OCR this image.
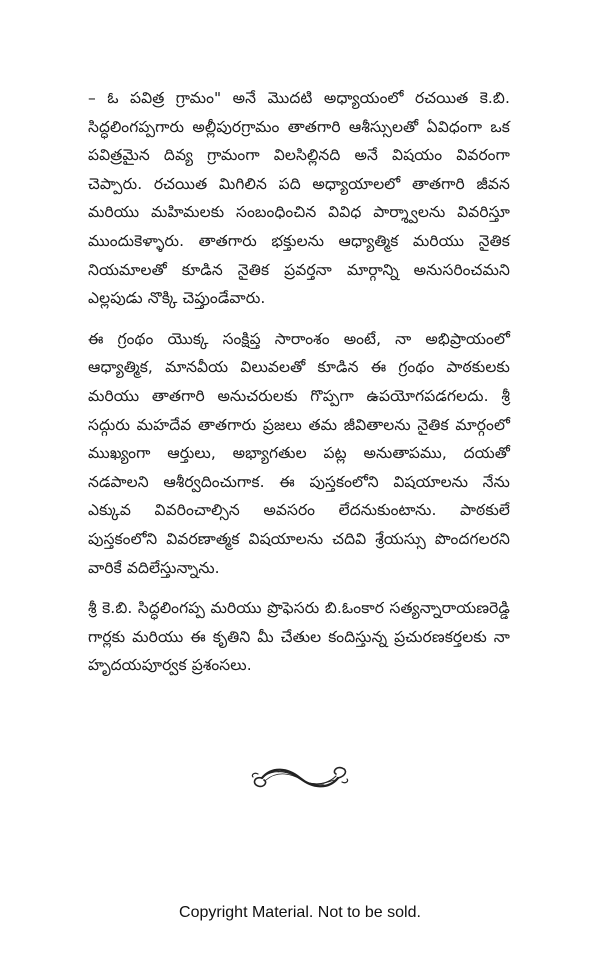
– ఓ పవిత్ర గ్రామం" అనే మొదటి అధ్యాయంలో రచయిత కె.బి. సిద్ధలింగప్పగారు అల్లీపురగ్రామం తాతగారి ఆశీస్సులతో ఏవిధంగా ఒక పవిత్రమైన దివ్య గ్రామంగా విలసిల్లినది అనే విషయం వివరంగా చెప్పారు. రచయిత మిగిలిన పది అధ్యాయాలలో తాతగారి జీవన మరియు మహిమలకు సంబంధించిన వివిధ పార్శ్వాలను వివరిస్తూ ముందుకెళ్ళారు. తాతగారు భక్తులను ఆధ్యాత్మిక మరియు నైతిక నియమాలతో కూడిన నైతిక ప్రవర్తనా మార్గాన్ని అనుసరించమని ఎల్లపుడు నొక్కి చెప్తుండేవారు.

ఈ గ్రంథం యొక్క సంక్షిప్త సారాంశం అంటే, నా అభిప్రాయంలో ఆధ్యాత్మిక, మానవీయ విలువలతో కూడిన ఈ గ్రంథం పాఠకులకు మరియు తాతగారి అనుచరులకు గొప్పగా ఉపయోగపడగలదు. శ్రీ సద్గురు మహదేవ తాతగారు ప్రజలు తమ జీవితాలను నైతిక మార్గంలో ముఖ్యంగా ఆర్తులు, అభ్యాగతుల పట్ల అనుతాపము, దయతో నడపాలని ఆశీర్వదించుగాక. ఈ పుస్తకంలోని విషయాలను నేను ఎక్కువ వివరించాల్సిన అవసరం లేదనుకుంటాను. పాఠకులే పుస్తకంలోని వివరణాత్మక విషయాలను చదివి శ్రేయస్సు పొందగలరని వారికే వదిలేస్తున్నాను.

శ్రీ కె.బి. సిద్ధలింగప్ప మరియు ప్రొఫెసరు బి.ఓంకార సత్యన్నారాయణరెడ్డి గార్లకు మరియు ఈ కృతిని మీ చేతుల కందిస్తున్న ప్రచురణకర్తలకు నా హృదయపూర్వక ప్రశంసలు.

Copyright Material. Not to be sold.
